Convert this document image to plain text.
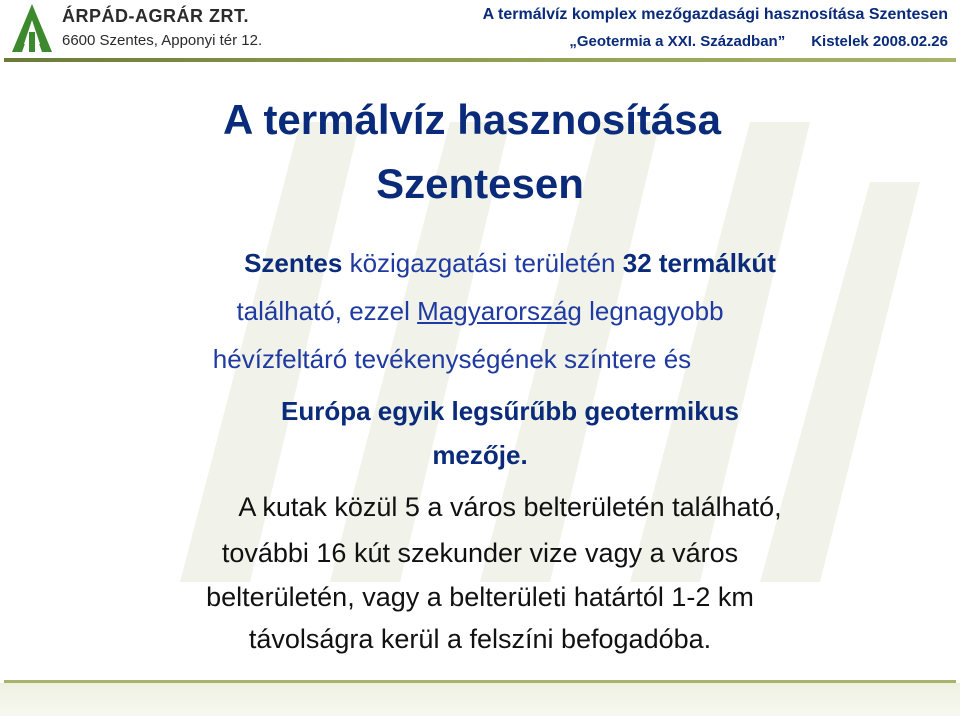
ÁRPÁD-AGRÁR ZRT.
6600 Szentes, Apponyi tér 12.
A termálvíz komplex mezőgazdasági hasznosítása Szentesen
„Geotermia a XXI. Században” Kistelek 2008.02.26
A termálvíz hasznosítása
Szentesen
Szentes közigazgatási területén 32 termálkút
található, ezzel Magyarország legnagyobb
hévízfeltáró tevékenységének színtere és
Európa egyik legsűrűbb geotermikus
mezője.
A kutak közül 5 a város belterületén található,
további 16 kút szekunder vize vagy a város
belterületén, vagy a belterületi határtól 1-2 km
távolságra kerül a felszíni befogadóba.
